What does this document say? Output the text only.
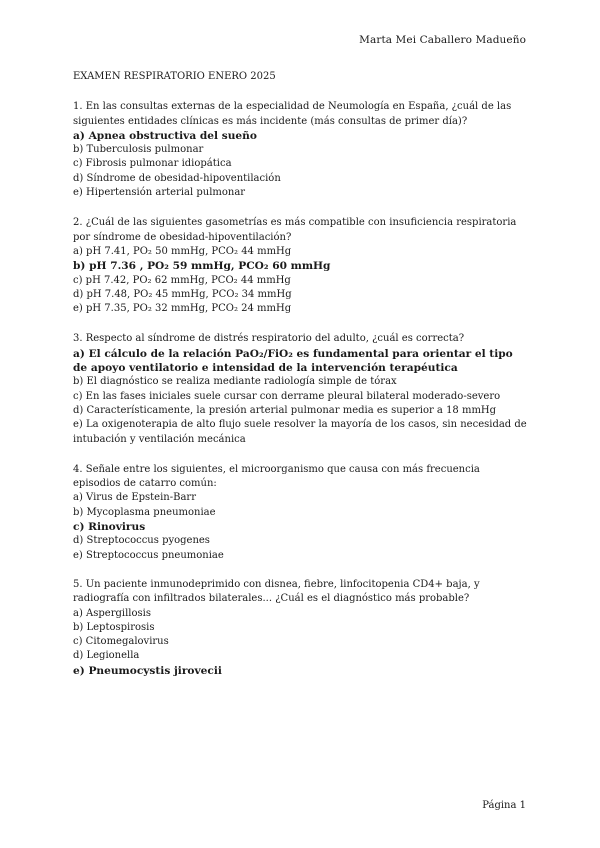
Marta Mei Caballero Madueño
EXAMEN RESPIRATORIO ENERO 2025

1. En las consultas externas de la especialidad de Neumología en España, ¿cuál de las siguientes entidades clínicas es más incidente (más consultas de primer día)?

a) Apnea obstructiva del sueño

b) Tuberculosis pulmonar

c) Fibrosis pulmonar idiopática

d) Síndrome de obesidad-hipoventilación

e) Hipertensión arterial pulmonar

2. ¿Cuál de las siguientes gasometrías es más compatible con insuficiencia respiratoria por síndrome de obesidad-hipoventilación?

a) pH 7.41, PO₂ 50 mmHg, PCO₂ 44 mmHg

b) pH 7.36 , PO₂ 59 mmHg, PCO₂ 60 mmHg

c) pH 7.42, PO₂ 62 mmHg, PCO₂ 44 mmHg

d) pH 7.48, PO₂ 45 mmHg, PCO₂ 34 mmHg

e) pH 7.35, PO₂ 32 mmHg, PCO₂ 24 mmHg

3. Respecto al síndrome de distrés respiratorio del adulto, ¿cuál es correcta?

a) El cálculo de la relación PaO₂/FiO₂ es fundamental para orientar el tipo de apoyo ventilatorio e intensidad de la intervención terapéutica

b) El diagnóstico se realiza mediante radiología simple de tórax

c) En las fases iniciales suele cursar con derrame pleural bilateral moderado-severo

d) Característicamente, la presión arterial pulmonar media es superior a 18 mmHg

e) La oxigenoterapia de alto flujo suele resolver la mayoría de los casos, sin necesidad de intubación y ventilación mecánica

4. Señale entre los siguientes, el microorganismo que causa con más frecuencia episodios de catarro común:

a) Virus de Epstein-Barr

b) Mycoplasma pneumoniae

c) Rinovirus

d) Streptococcus pyogenes

e) Streptococcus pneumoniae

5. Un paciente inmunodeprimido con disnea, fiebre, linfocitopenia CD4+ baja, y radiografía con infiltrados bilaterales... ¿Cuál es el diagnóstico más probable?

a) Aspergillosis

b) Leptospirosis

c) Citomegalovirus

d) Legionella

e) Pneumocystis jirovecii

Página 1
